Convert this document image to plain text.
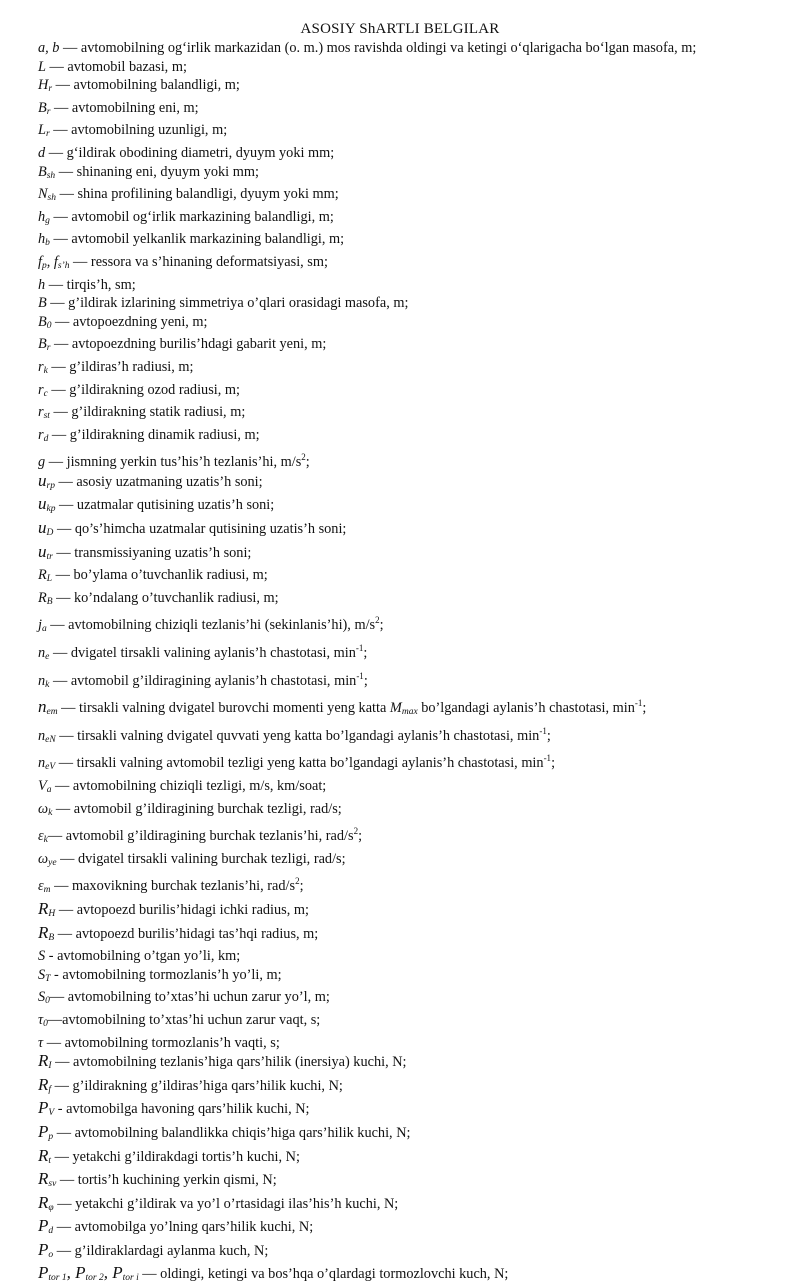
ASOSIY ShARTLI BELGILAR
a, b — avtomobilning ogʻirlik markazidan (o. m.) mos ravishda oldingi va ketingi oʻqlarigacha boʻlgan masofa, m;
L — avtomobil bazasi, m;
$H_r$ — avtomobilning balandligi, m;
$B_r$ — avtomobilning eni, m;
$L_r$ — avtomobilning uzunligi, m;
d — gʻildirak obodining diametri, dyuym yoki mm;
$B_{sh}$ — shinaning eni, dyuym yoki mm;
$N_{sh}$ — shina profilining balandligi, dyuym yoki mm;
$h_g$ — avtomobil ogʻirlik markazining balandligi, m;
$h_b$ — avtomobil yelkanlik markazining balandligi, m;
$f_p$, $f_{s’h}$ — ressora va s’hinaning deformatsiyasi, sm;
h — tirqis’h, sm;
B — g’ildirak izlarining simmetriya o’qlari orasidagi masofa, m;
$B_0$ — avtopoezdning yeni, m;
$B_r$ — avtopoezdning burilis’hdagi gabarit yeni, m;
$r_k$ — g’ildiras’h radiusi, m;
$r_c$ — g’ildirakning ozod radiusi, m;
$r_{st}$ — g’ildirakning statik radiusi, m;
$r_d$ — g’ildirakning dinamik radiusi, m;
g — jismning yerkin tus’his’h tezlanis’hi, $m/s^2$;
$u_{rp}$ — asosiy uzatmaning uzatis’h soni;
$u_{kp}$ — uzatmalar qutisining uzatis’h soni;
$u_D$ — qo’s’himcha uzatmalar qutisining uzatis’h soni;
$u_{tr}$ — transmissiyaning uzatis’h soni;
$R_L$ — bo’ylama o’tuvchanlik radiusi, m;
$R_B$ — ko’ndalang o’tuvchanlik radiusi, m;
$j_a$ — avtomobilning chiziqli tezlanis’hi (sekinlanis’hi), $m/s^2$;
$n_e$ — dvigatel tirsakli valining aylanis’h chastotasi, $\min^{-1}$;
$n_k$ — avtomobil g’ildiragining aylanis’h chastotasi, $\min^{-1}$;
$n_{em}$ — tirsakli valning dvigatel burovchi momenti yeng katta $M_{max}$ bo’lgandagi aylanis’h chastotasi, $\min^{-1}$;
$n_{eN}$ — tirsakli valning dvigatel quvvati yeng katta bo’lgandagi aylanis’h chastotasi, $\min^{-1}$;
$n_{eV}$ — tirsakli valning avtomobil tezligi yeng katta bo’lgandagi aylanis’h chastotasi, $\min^{-1}$;
$V_a$ — avtomobilning chiziqli tezligi, m/s, km/soat;
$\omega_k$ — avtomobil g’ildiragining burchak tezligi, rad/s;
$\varepsilon_k—$ avtomobil g’ildiragining burchak tezlanis’hi, rad/$s^2$;
$\omega_{ye}$ — dvigatel tirsakli valining burchak tezligi, rad/s;
$\varepsilon_m$ — maxovikning burchak tezlanis’hi, rad/$s^2$;
$R_H$ — avtopoezd burilis’hidagi ichki radius, m;
$R_B$ — avtopoezd burilis’hidagi tas’hqi radius, m;
S - avtomobilning o’tgan yo’li, km;
$S_T$ - avtomobilning tormozlanis’h yo’li, m;
$S_0—$ avtomobilning to’xtas’hi uchun zarur yo’l, m;
$\tau_0—avtomobilning$ to’xtas’hi uchun zarur vaqt, s;
τ — avtomobilning tormozlanis’h vaqti, s;
$R_I$ — avtomobilning tezlanis’higa qars’hilik (inersiya) kuchi, N;
$R_f$ — g’ildirakning g’ildiras’higa qars’hilik kuchi, N;
$P_V$ - avtomobilga havoning qars’hilik kuchi, N;
$P_p$ — avtomobilning balandlikka chiqis’higa qars’hilik kuchi, N;
$R_t$ — yetakchi g’ildirakdagi tortis’h kuchi, N;
$R_{sv}$ — tortis’h kuchining yerkin qismi, N;
$R_\varphi$ — yetakchi g’ildirak va yo’l o’rtasidagi ilas’his’h kuchi, N;
$P_d$ — avtomobilga yo’lning qars’hilik kuchi, N;
$P_o$ — g’ildiraklardagi aylanma kuch, N;
$P_{tor 1}$, $P_{tor 2}$, $P_{tor i}$ — oldingi, ketingi va bos’hqa o’qlardagi tormozlovchi kuch, N;
